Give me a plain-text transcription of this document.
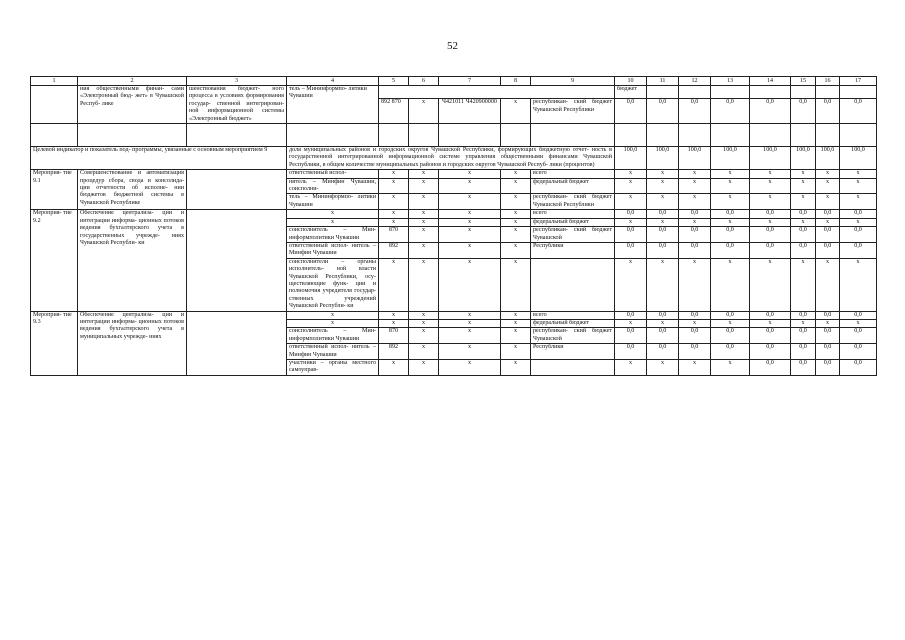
52
1	2	3	4	5	6	7	8	9	10	11	12	13	14	15	16	17	
	ния общественными финан- сами «Электронный бюд- жет» в Чувашской Респуб- лике	шенствования бюджет- ного процесса в условиях формирования государ- ственной интегрирован- ной информационной системы «Электронный бюджет»	тель – Мининформпо- литики Чувашии						бюджет								
				892 870	x	Ч421011 Ч420900000	x	республикан- ский бюджет Чувашской Республики	0,0	0,0	0,0	0,0	0,0	0,0	0,0	0,0	

Целевой индикатор и показатель под- программы, увязанные с основным мероприятием 9			доля муниципальных районов и городских округов Чувашской Республики, формирующих бюджетную отчет- ность в государственной интегрированной информационной системе управления общественными финансами Чувашской Республики, в общем количестве муниципальных районов и городских округов Чувашской Респуб- лики (процентов)						100,0	100,0	100,0	100,0	100,0	100,0	100,0	100,0	
Мероприя- тие 9.1	Совершенствование и автоматизация процедур сбора, свода и консолида- ции отчетности об исполне- нии бюджетов бюджетной системы в Чувашской Республике		ответственный испол-	x	x	x	x	всего	x	x	x	x	x	x	x	x	
			нитель – Минфин Чувашии, соисполни-	x	x	x	x	федеральный бюджет	x	x	x	x	x	x	x	x	
			тель – Мининформпо- литики Чувашии	x	x	x	x	республикан- ский бюджет Чувашской Республики	x	x	x	x	x	x	x	x	
Мероприя- тие 9.2	Обеспечение централиза- ции и интеграции информа- ционных потоков ведения бухгалтерского учета в государственных учрежде- ниях Чувашской Республи- ки		x	x	x	x	x	всего	0,0	0,0	0,0	0,0	0,0	0,0	0,0	0,0	
			x	x	x	x	x	федеральный бюджет	x	x	x	x	x	x	x	x	
			соисполнитель – Мин- информполитики Чувашии	870	x	x	x	республикан- ский бюджет Чувашской	0,0	0,0	0,0	0,0	0,0	0,0	0,0	0,0	
			ответственный испол- нитель – Минфин Чувашии	892	x	x	x	Республики	0,0	0,0	0,0	0,0	0,0	0,0	0,0	0,0	
			соисполнители – органы исполнитель- ной власти Чувашской Республики, осу- ществляющие функ- ции и полномочия учредителя государ- ственных учреждений Чувашской Республи- ки	x	x	x	x		x	x	x	x	x	x	x	x	
Мероприя- тие 9.3	Обеспечение централиза- ции и интеграции информа- ционных потоков ведения бухгалтерского учета в муниципальных учрежде- ниях		x	x	x	x	x	всего	0,0	0,0	0,0	0,0	0,0	0,0	0,0	0,0	
			x	x	x	x	x	федеральный бюджет	x	x	x	x	x	x	x	x	
			соисполнитель – Мин- информполитики Чувашии	870	x	x	x	республикан- ский бюджет Чувашской	0,0	0,0	0,0	0,0	0,0	0,0	0,0	0,0	
			ответственный испол- нитель – Минфин Чувашии	892	x	x	x	Республики	0,0	0,0	0,0	0,0	0,0	0,0	0,0	0,0	
			участники – органы местного самоуправ-	x	x	x	x		x	x	x	x	0,0	0,0	0,0	0,0	
